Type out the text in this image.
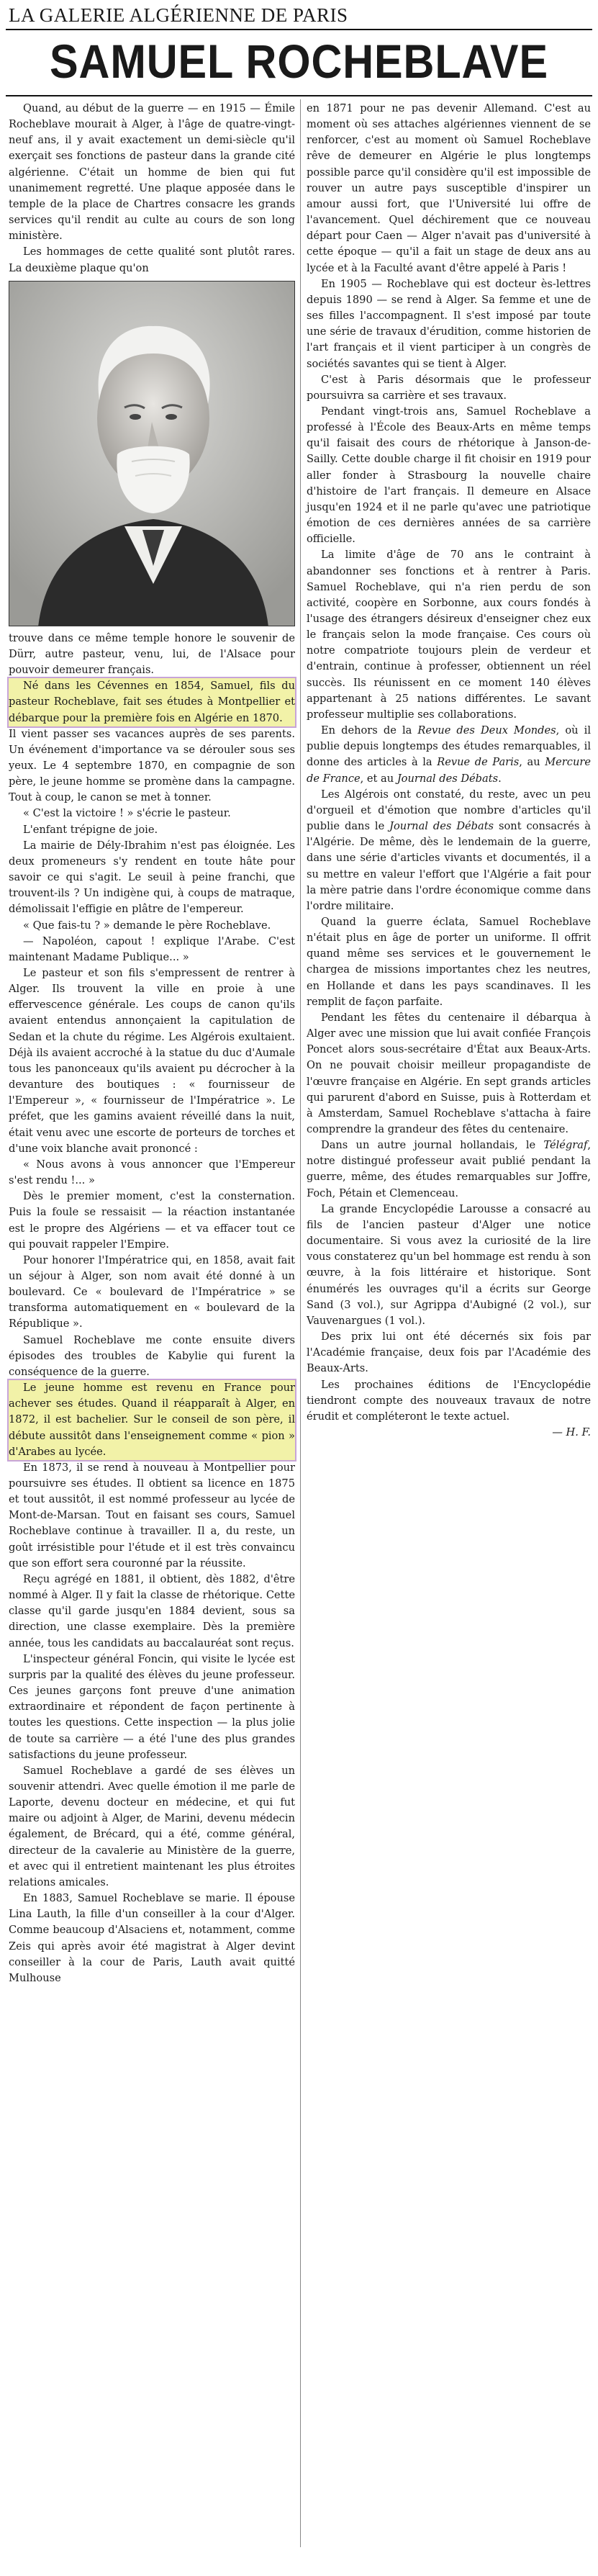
LA GALERIE ALGÉRIENNE DE PARIS
SAMUEL ROCHEBLAVE

Quand, au début de la guerre — en 1915 — Émile Rocheblave mourait à Alger, à l'âge de quatre-vingt-neuf ans, il y avait exactement un demi-siècle qu'il exerçait ses fonctions de pasteur dans la grande cité algérienne. C'était un homme de bien qui fut unanimement regretté. Une plaque apposée dans le temple de la place de Chartres consacre les grands services qu'il rendit au culte au cours de son long ministère.

Les hommages de cette qualité sont plutôt rares. La deuxième plaque qu'on

trouve dans ce même temple honore le souvenir de Dürr, autre pasteur, venu, lui, de l'Alsace pour pouvoir demeurer français.

Né dans les Cévennes en 1854, Samuel, fils du pasteur Rocheblave, fait ses études à Montpellier et débarque pour la première fois en Algérie en 1870.

Il vient passer ses vacances auprès de ses parents. Un événement d'importance va se dérouler sous ses yeux. Le 4 septembre 1870, en compagnie de son père, le jeune homme se promène dans la campagne. Tout à coup, le canon se met à tonner.

« C'est la victoire ! » s'écrie le pasteur.

L'enfant trépigne de joie.

La mairie de Dély-Ibrahim n'est pas éloignée. Les deux promeneurs s'y rendent en toute hâte pour savoir ce qui s'agit. Le seuil à peine franchi, que trouvent-ils ? Un indigène qui, à coups de matraque, démolissait l'effigie en plâtre de l'empereur.

« Que fais-tu ? » demande le père Rocheblave.

— Napoléon, capout ! explique l'Arabe. C'est maintenant Madame Publique... »

Le pasteur et son fils s'empressent de rentrer à Alger. Ils trouvent la ville en proie à une effervescence générale. Les coups de canon qu'ils avaient entendus annonçaient la capitulation de Sedan et la chute du régime. Les Algérois exultaient. Déjà ils avaient accroché à la statue du duc d'Aumale tous les panonceaux qu'ils avaient pu décrocher à la devanture des boutiques : « fournisseur de l'Empereur », « fournisseur de l'Impératrice ». Le préfet, que les gamins avaient réveillé dans la nuit, était venu avec une escorte de porteurs de torches et d'une voix blanche avait prononcé :

« Nous avons à vous annoncer que l'Empereur s'est rendu !... »

Dès le premier moment, c'est la consternation. Puis la foule se ressaisit — la réaction instantanée est le propre des Algériens — et va effacer tout ce qui pouvait rappeler l'Empire.

Pour honorer l'Impératrice qui, en 1858, avait fait un séjour à Alger, son nom avait été donné à un boulevard. Ce « boulevard de l'Impératrice » se transforma automatiquement en « boulevard de la République ».

Samuel Rocheblave me conte ensuite divers épisodes des troubles de Kabylie qui furent la conséquence de la guerre.

Le jeune homme est revenu en France pour achever ses études. Quand il réapparaît à Alger, en 1872, il est bachelier. Sur le conseil de son père, il débute aussitôt dans l'enseignement comme « pion » d'Arabes au lycée.

En 1873, il se rend à nouveau à Montpellier pour poursuivre ses études. Il obtient sa licence en 1875 et tout aussitôt, il est nommé professeur au lycée de Mont-de-Marsan. Tout en faisant ses cours, Samuel Rocheblave continue à travailler. Il a, du reste, un goût irrésistible pour l'étude et il est très convaincu que son effort sera couronné par la réussite.

Reçu agrégé en 1881, il obtient, dès 1882, d'être nommé à Alger. Il y fait la classe de rhétorique. Cette classe qu'il garde jusqu'en 1884 devient, sous sa direction, une classe exemplaire. Dès la première année, tous les candidats au baccalauréat sont reçus.

L'inspecteur général Foncin, qui visite le lycée est surpris par la qualité des élèves du jeune professeur. Ces jeunes garçons font preuve d'une animation extraordinaire et répondent de façon pertinente à toutes les questions. Cette inspection — la plus jolie de toute sa carrière — a été l'une des plus grandes satisfactions du jeune professeur.

Samuel Rocheblave a gardé de ses élèves un souvenir attendri. Avec quelle émotion il me parle de Laporte, devenu docteur en médecine, et qui fut maire ou adjoint à Alger, de Marini, devenu médecin également, de Brécard, qui a été, comme général, directeur de la cavalerie au Ministère de la guerre, et avec qui il entretient maintenant les plus étroites relations amicales.

En 1883, Samuel Rocheblave se marie. Il épouse Lina Lauth, la fille d'un conseiller à la cour d'Alger. Comme beaucoup d'Alsaciens et, notamment, comme Zeis qui après avoir été magistrat à Alger devint conseiller à la cour de Paris, Lauth avait quitté Mulhouse

en 1871 pour ne pas devenir Allemand. C'est au moment où ses attaches algériennes viennent de se renforcer, c'est au moment où Samuel Rocheblave rêve de demeurer en Algérie le plus longtemps possible parce qu'il considère qu'il est impossible de rouver un autre pays susceptible d'inspirer un amour aussi fort, que l'Université lui offre de l'avancement. Quel déchirement que ce nouveau départ pour Caen — Alger n'avait pas d'université à cette époque — qu'il a fait un stage de deux ans au lycée et à la Faculté avant d'être appelé à Paris !

En 1905 — Rocheblave qui est docteur ès-lettres depuis 1890 — se rend à Alger. Sa femme et une de ses filles l'accompagnent. Il s'est imposé par toute une série de travaux d'érudition, comme historien de l'art français et il vient participer à un congrès de sociétés savantes qui se tient à Alger.

C'est à Paris désormais que le professeur poursuivra sa carrière et ses travaux.

Pendant vingt-trois ans, Samuel Rocheblave a professé à l'École des Beaux-Arts en même temps qu'il faisait des cours de rhétorique à Janson-de-Sailly. Cette double charge il fit choisir en 1919 pour aller fonder à Strasbourg la nouvelle chaire d'histoire de l'art français. Il demeure en Alsace jusqu'en 1924 et il ne parle qu'avec une patriotique émotion de ces dernières années de sa carrière officielle.

La limite d'âge de 70 ans le contraint à abandonner ses fonctions et à rentrer à Paris. Samuel Rocheblave, qui n'a rien perdu de son activité, coopère en Sorbonne, aux cours fondés à l'usage des étrangers désireux d'enseigner chez eux le français selon la mode française. Ces cours où notre compatriote toujours plein de verdeur et d'entrain, continue à professer, obtiennent un réel succès. Ils réunissent en ce moment 140 élèves appartenant à 25 nations différentes. Le savant professeur multiplie ses collaborations.

En dehors de la Revue des Deux Mondes, où il publie depuis longtemps des études remarquables, il donne des articles à la Revue de Paris, au Mercure de France, et au Journal des Débats.

Les Algérois ont constaté, du reste, avec un peu d'orgueil et d'émotion que nombre d'articles qu'il publie dans le Journal des Débats sont consacrés à l'Algérie. De même, dès le lendemain de la guerre, dans une série d'articles vivants et documentés, il a su mettre en valeur l'effort que l'Algérie a fait pour la mère patrie dans l'ordre économique comme dans l'ordre militaire.

Quand la guerre éclata, Samuel Rocheblave n'était plus en âge de porter un uniforme. Il offrit quand même ses services et le gouvernement le chargea de missions importantes chez les neutres, en Hollande et dans les pays scandinaves. Il les remplit de façon parfaite.

Pendant les fêtes du centenaire il débarqua à Alger avec une mission que lui avait confiée François Poncet alors sous-secrétaire d'État aux Beaux-Arts. On ne pouvait choisir meilleur propagandiste de l'œuvre française en Algérie. En sept grands articles qui parurent d'abord en Suisse, puis à Rotterdam et à Amsterdam, Samuel Rocheblave s'attacha à faire comprendre la grandeur des fêtes du centenaire.

Dans un autre journal hollandais, le Télégraf, notre distingué professeur avait publié pendant la guerre, même, des études remarquables sur Joffre, Foch, Pétain et Clemenceau.

La grande Encyclopédie Larousse a consacré au fils de l'ancien pasteur d'Alger une notice documentaire. Si vous avez la curiosité de la lire vous constaterez qu'un bel hommage est rendu à son œuvre, à la fois littéraire et historique. Sont énumérés les ouvrages qu'il a écrits sur George Sand (3 vol.), sur Agrippa d'Aubigné (2 vol.), sur Vauvenargues (1 vol.).

Des prix lui ont été décernés six fois par l'Académie française, deux fois par l'Académie des Beaux-Arts.

Les prochaines éditions de l'Encyclopédie tiendront compte des nouveaux travaux de notre érudit et compléteront le texte actuel.

— H. F.
